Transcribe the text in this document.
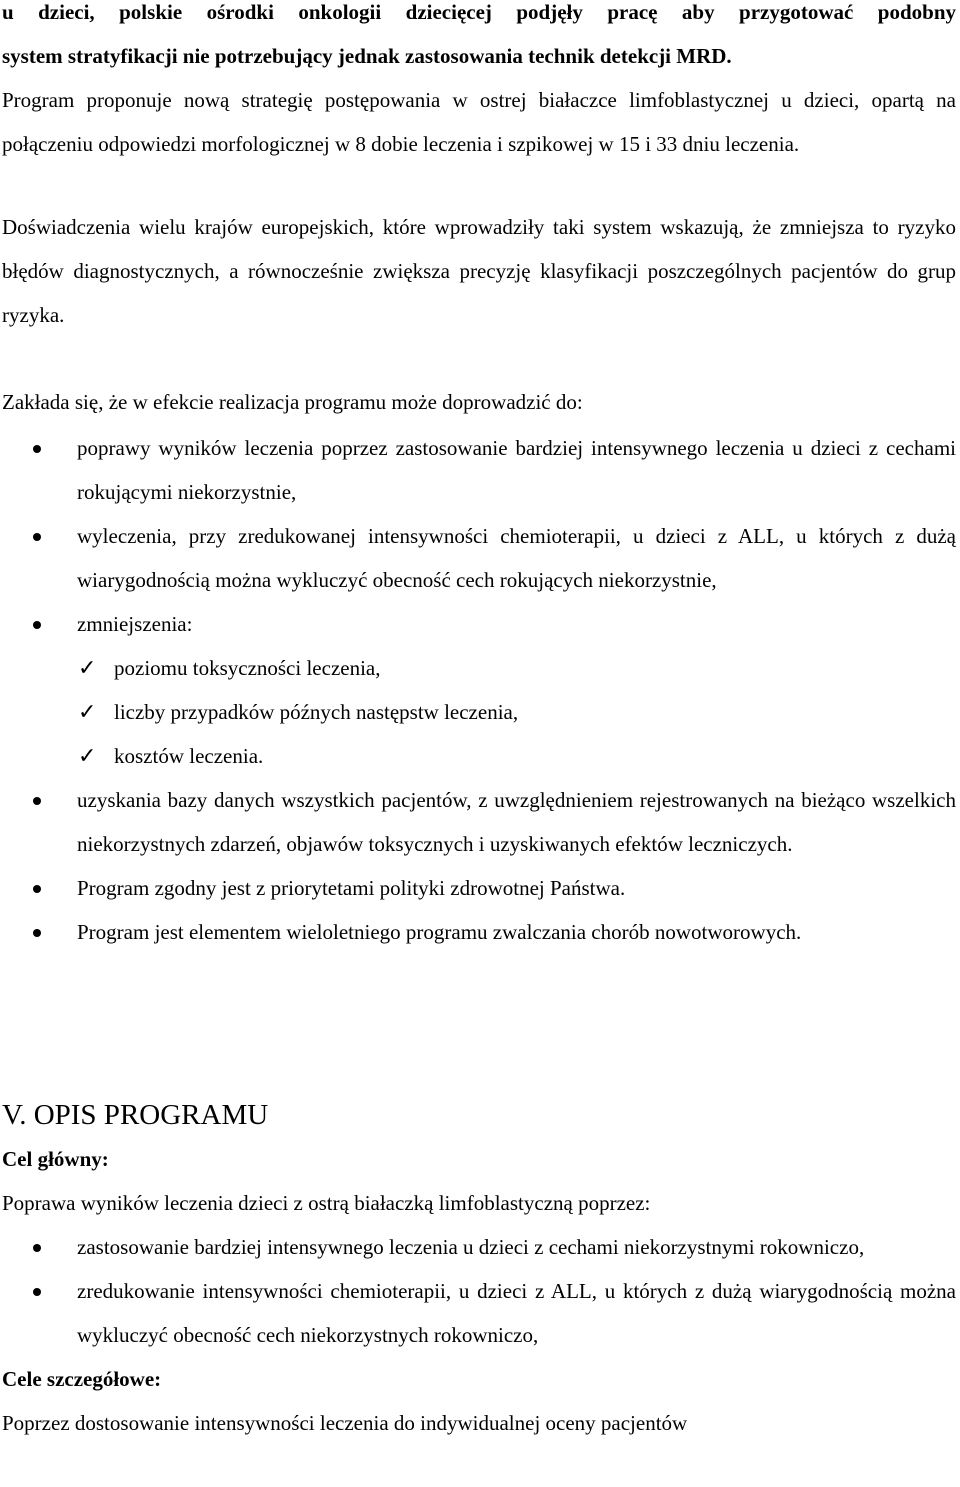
u dzieci, polskie ośrodki onkologii dziecięcej podjęły pracę aby przygotować podobny

system stratyfikacji nie potrzebujący jednak zastosowania technik detekcji MRD.

Program proponuje nową strategię postępowania w ostrej białaczce limfoblastycznej u dzieci, opartą na połączeniu odpowiedzi morfologicznej w 8 dobie leczenia i szpikowej w 15 i 33 dniu leczenia.

Doświadczenia wielu krajów europejskich, które wprowadziły taki system wskazują, że zmniejsza to ryzyko błędów diagnostycznych, a równocześnie zwiększa precyzję klasyfikacji poszczególnych pacjentów do grup ryzyka.

Zakłada się, że w efekcie realizacja programu może doprowadzić do:

poprawy wyników leczenia poprzez zastosowanie bardziej intensywnego leczenia u dzieci z cechami rokującymi niekorzystnie,
wyleczenia, przy zredukowanej intensywności chemioterapii, u dzieci z ALL, u których z dużą wiarygodnością można wykluczyć obecność cech rokujących niekorzystnie,
zmniejszenia:
✓ poziomu toksyczności leczenia,
✓ liczby przypadków późnych następstw leczenia,
✓ kosztów leczenia.
uzyskania bazy danych wszystkich pacjentów, z uwzględnieniem rejestrowanych na bieżąco wszelkich niekorzystnych zdarzeń, objawów toksycznych i uzyskiwanych efektów leczniczych.
Program zgodny jest z priorytetami polityki zdrowotnej Państwa.
Program jest elementem wieloletniego programu zwalczania chorób nowotworowych.

V. OPIS PROGRAMU

Cel główny:

Poprawa wyników leczenia dzieci z ostrą białaczką limfoblastyczną poprzez:

zastosowanie bardziej intensywnego leczenia u dzieci z cechami niekorzystnymi rokowniczo,
zredukowanie intensywności chemioterapii, u dzieci z ALL, u których z dużą wiarygodnością można wykluczyć obecność cech niekorzystnych rokowniczo,

Cele szczegółowe:

Poprzez dostosowanie intensywności leczenia do indywidualnej oceny pacjentów
